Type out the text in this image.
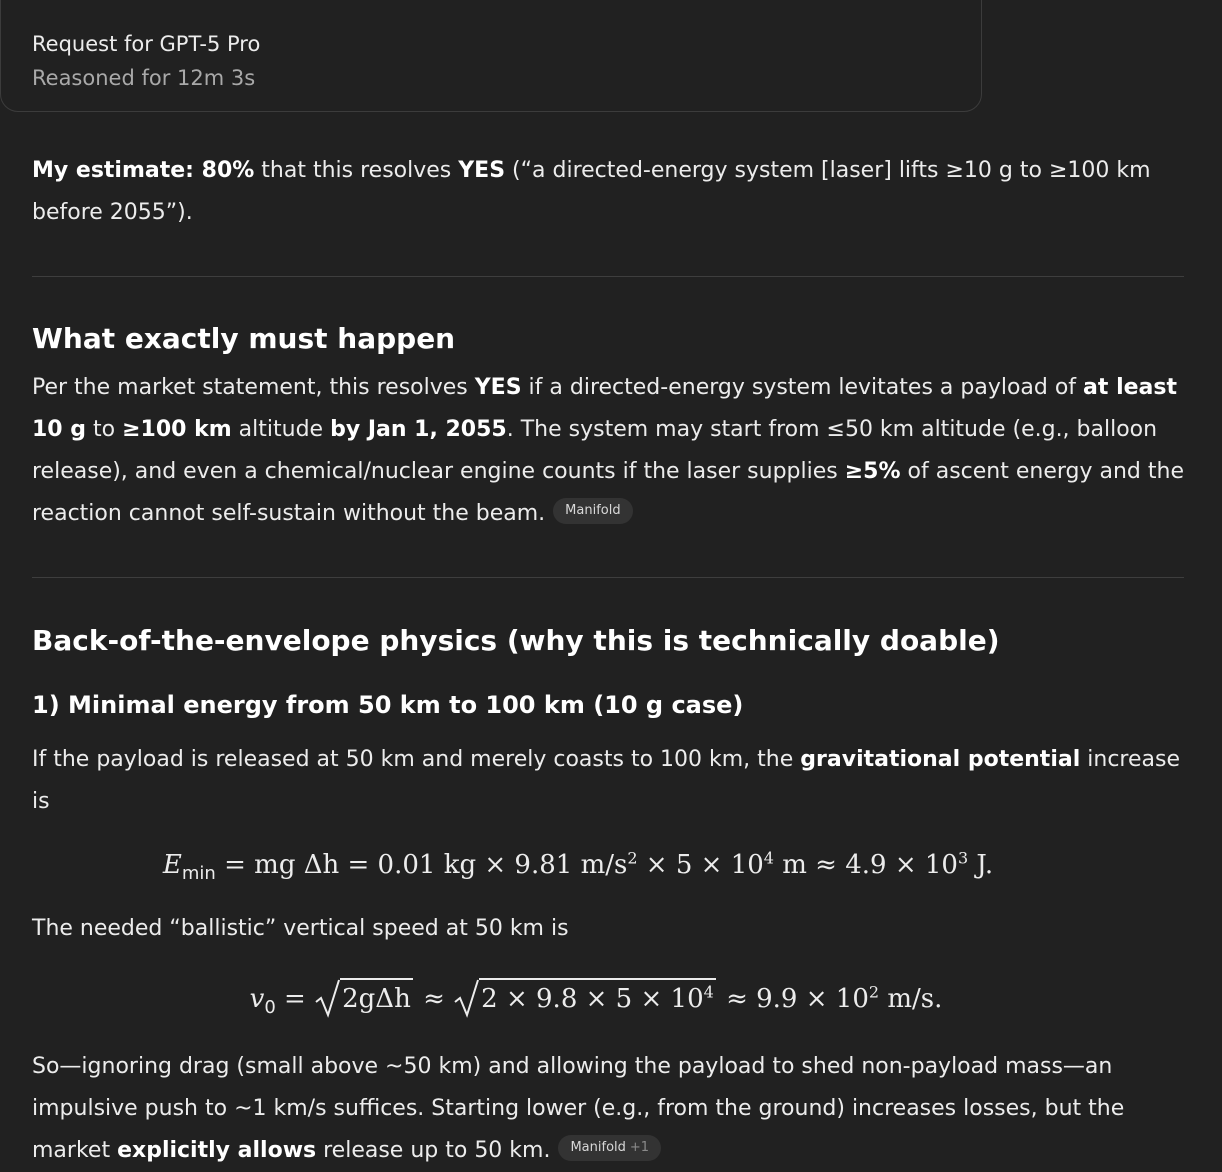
Request for GPT-5 Pro
Reasoned for 12m 3s

My estimate: 80% that this resolves YES (“a directed-energy system [laser] lifts ≥10 g to ≥100 km before 2055”).

What exactly must happen

Per the market statement, this resolves YES if a directed-energy system levitates a payload of at least 10 g to ≥100 km altitude by Jan 1, 2055. The system may start from ≤50 km altitude (e.g., balloon release), and even a chemical/nuclear engine counts if the laser supplies ≥5% of ascent energy and the reaction cannot self-sustain without the beam. Manifold

Back-of-the-envelope physics (why this is technically doable)
1) Minimal energy from 50 km to 100 km (10 g case)

If the payload is released at 50 km and merely coasts to 100 km, the gravitational potential increase is

$E_{min}$ = mg Δh = 0.01 kg × 9.81 $m/s^2 \times 5 \times 10^4$ $m \approx 4.9 \times 10^3$ J.

The needed “ballistic” vertical speed at 50 km is

$v_0$ =
2gΔh ≈
$2 \times 9.8 \times 5 \times 10^4 \approx 9.9 \times 10^2$ m/s.

So—ignoring drag (small above ~50 km) and allowing the payload to shed non-payload mass—an impulsive push to ~1 km/s suffices. Starting lower (e.g., from the ground) increases losses, but the market explicitly allows release up to 50 km. Manifold +1
